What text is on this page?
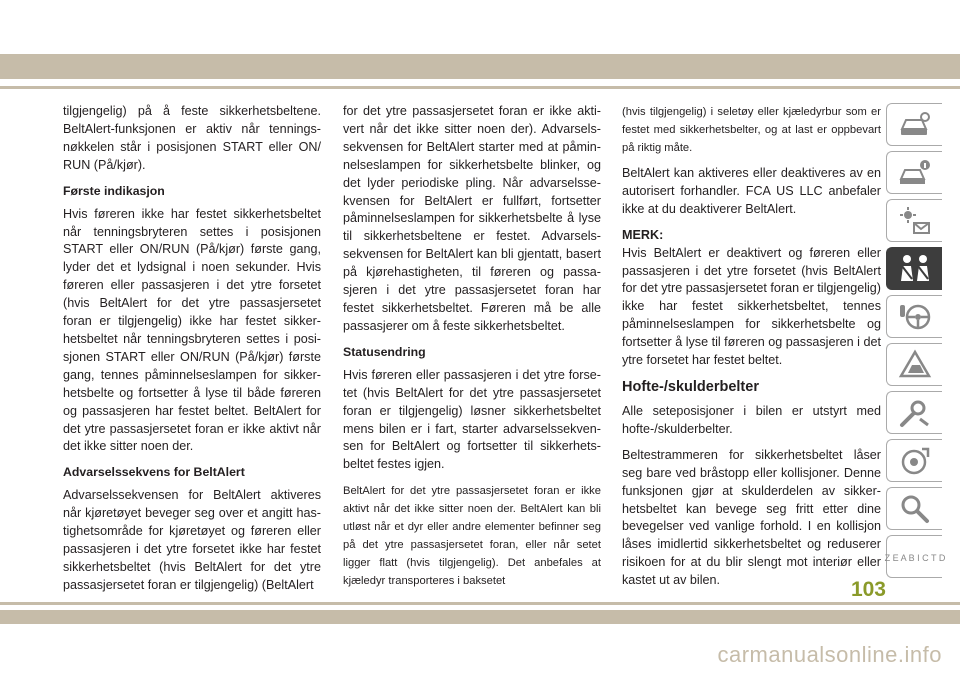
tilgjengelig) på å feste sikkerhetsbeltene. BeltAlert-funksjonen er aktiv når tenningsnøkkelen står i posisjonen START eller ON/ RUN (På/kjør).

Første indikasjon

Hvis føreren ikke har festet sikkerhetsbeltet når tenningsbryteren settes i posisjonen START eller ON/RUN (På/kjør) første gang, lyder det et lydsignal i noen sekunder. Hvis føreren eller passasjeren i det ytre forsetet (hvis BeltAlert for det ytre passasjersetet foran er tilgjengelig) ikke har festet sikkerhetsbeltet når tenningsbryteren settes i posisjonen START eller ON/RUN (På/kjør) første gang, tennes påminnelseslampen for sikkerhetsbelte og fortsetter å lyse til både føreren og passasjeren har festet beltet. BeltAlert for det ytre passasjersetet foran er ikke aktivt når det ikke sitter noen der.

Advarselssekvens for BeltAlert

Advarselssekvensen for BeltAlert aktiveres når kjøretøyet beveger seg over et angitt hastighetsområde for kjøretøyet og føreren eller passasjeren i det ytre forsetet ikke har festet sikkerhetsbeltet (hvis BeltAlert for det ytre passasjersetet foran er tilgjengelig) (BeltAlert

for det ytre passasjersetet foran er ikke aktivert når det ikke sitter noen der). Advarselssekvensen for BeltAlert starter med at påminnelseslampen for sikkerhetsbelte blinker, og det lyder periodiske pling. Når advarselssekvensen for BeltAlert er fullført, fortsetter påminnelseslampen for sikkerhetsbelte å lyse til sikkerhetsbeltene er festet. Advarselssekvensen for BeltAlert kan bli gjentatt, basert på kjørehastigheten, til føreren og passasjeren i det ytre passasjersetet foran har festet sikkerhetsbeltet. Føreren må be alle passasjerer om å feste sikkerhetsbeltet.

Statusendring

Hvis føreren eller passasjeren i det ytre forsetet (hvis BeltAlert for det ytre passasjersetet foran er tilgjengelig) løsner sikkerhetsbeltet mens bilen er i fart, starter advarselssekvensen for BeltAlert og fortsetter til sikkerhetsbeltet festes igjen.

BeltAlert for det ytre passasjersetet foran er ikke aktivt når det ikke sitter noen der. BeltAlert kan bli utløst når et dyr eller andre elementer befinner seg på det ytre passasjersetet foran, eller når setet ligger flatt (hvis tilgjengelig). Det anbefales at kjæledyr transporteres i baksetet

(hvis tilgjengelig) i seletøy eller kjæledyrbur som er festet med sikkerhetsbelter, og at last er oppbevart på riktig måte.

BeltAlert kan aktiveres eller deaktiveres av en autorisert forhandler. FCA US LLC anbefaler ikke at du deaktiverer BeltAlert.

MERK:
Hvis BeltAlert er deaktivert og føreren eller passasjeren i det ytre forsetet (hvis BeltAlert for det ytre passasjersetet foran er tilgjengelig) ikke har festet sikkerhetsbeltet, tennes påminnelseslampen for sikkerhetsbelte og fortsetter å lyse til føreren og passasjeren i det ytre forsetet har festet beltet.

Hofte-/skulderbelter

Alle seteposisjoner i bilen er utstyrt med hofte-/skulderbelter.

Beltestrammeren for sikkerhetsbeltet låser seg bare ved bråstopp eller kollisjoner. Denne funksjonen gjør at skulderdelen av sikkerhetsbeltet kan bevege seg fritt etter dine bevegelser ved vanlige forhold. I en kollisjon låses imidlertid sikkerhetsbeltet og reduserer risikoen for at du blir slengt mot interiør eller kastet ut av bilen.

Z E A B I C T D
103
carmanualsonline.info
